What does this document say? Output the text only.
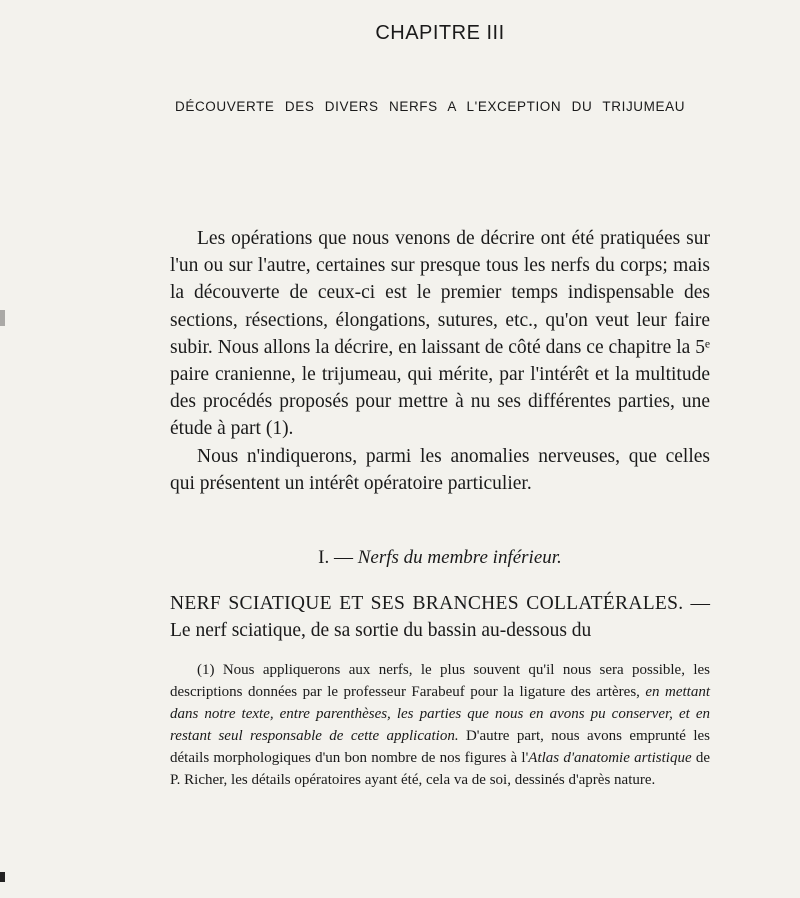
CHAPITRE III
DÉCOUVERTE DES DIVERS NERFS A L'EXCEPTION DU TRIJUMEAU

Les opérations que nous venons de décrire ont été pratiquées sur l'un ou sur l'autre, certaines sur presque tous les nerfs du corps; mais la découverte de ceux-ci est le premier temps indispensable des sections, résections, élongations, sutures, etc., qu'on veut leur faire subir. Nous allons la décrire, en laissant de côté dans ce chapitre la 5ᵉ paire cranienne, le trijumeau, qui mérite, par l'intérêt et la multitude des procédés proposés pour mettre à nu ses différentes parties, une étude à part (1).

Nous n'indiquerons, parmi les anomalies nerveuses, que celles qui présentent un intérêt opératoire particulier.

I. — Nerfs du membre inférieur.
NERF SCIATIQUE ET SES BRANCHES COLLATÉRALES. — Le nerf sciatique, de sa sortie du bassin au-dessous du

(1) Nous appliquerons aux nerfs, le plus souvent qu'il nous sera possible, les descriptions données par le professeur Farabeuf pour la ligature des artères, en mettant dans notre texte, entre parenthèses, les parties que nous en avons pu conserver, et en restant seul responsable de cette application. D'autre part, nous avons emprunté les détails morphologiques d'un bon nombre de nos figures à l'Atlas d'anatomie artistique de P. Richer, les détails opératoires ayant été, cela va de soi, dessinés d'après nature.
